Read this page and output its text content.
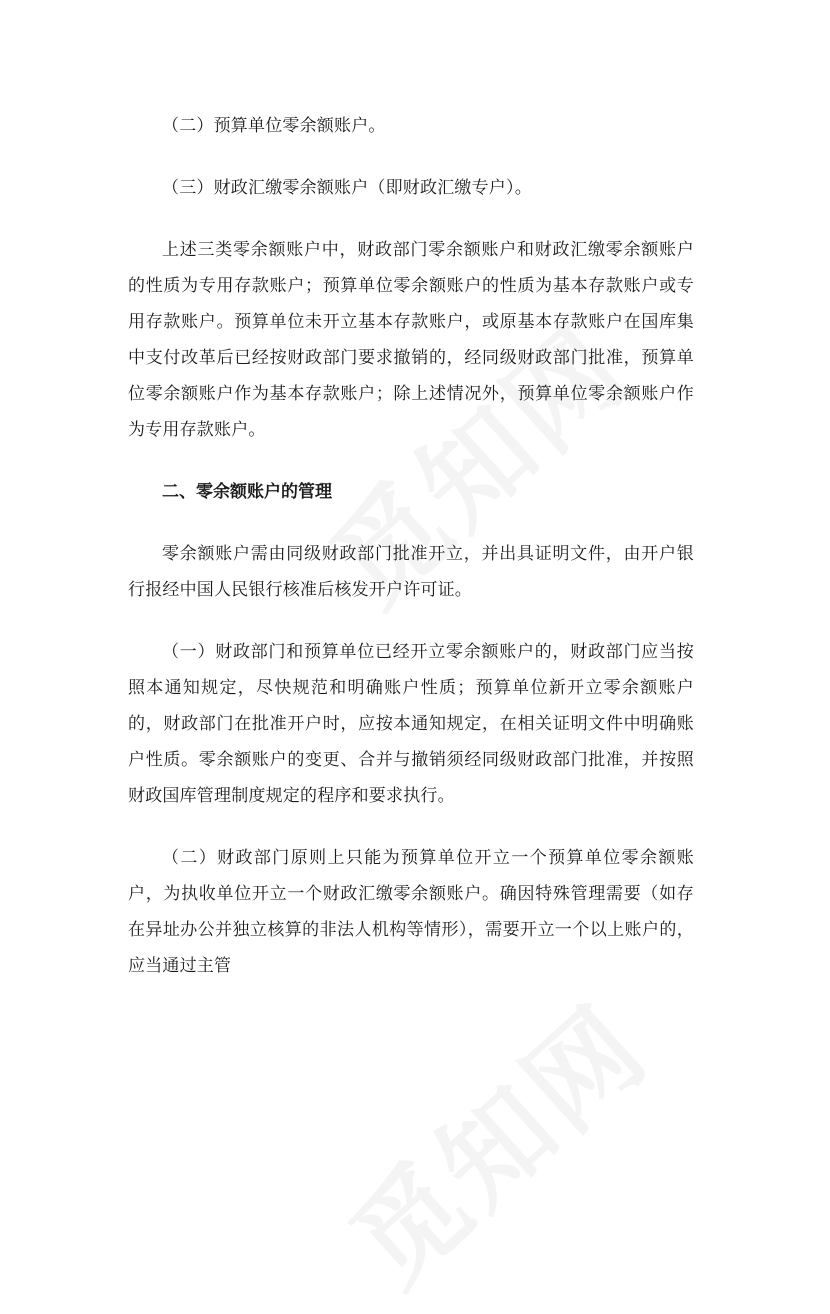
（二）预算单位零余额账户。

（三）财政汇缴零余额账户（即财政汇缴专户）。

上述三类零余额账户中，财政部门零余额账户和财政汇缴零余额账户的性质为专用存款账户；预算单位零余额账户的性质为基本存款账户或专用存款账户。预算单位未开立基本存款账户，或原基本存款账户在国库集中支付改革后已经按财政部门要求撤销的，经同级财政部门批准，预算单位零余额账户作为基本存款账户；除上述情况外，预算单位零余额账户作为专用存款账户。

二、零余额账户的管理

零余额账户需由同级财政部门批准开立，并出具证明文件，由开户银行报经中国人民银行核准后核发开户许可证。

（一）财政部门和预算单位已经开立零余额账户的，财政部门应当按照本通知规定，尽快规范和明确账户性质；预算单位新开立零余额账户的，财政部门在批准开户时，应按本通知规定，在相关证明文件中明确账户性质。零余额账户的变更、合并与撤销须经同级财政部门批准，并按照财政国库管理制度规定的程序和要求执行。

（二）财政部门原则上只能为预算单位开立一个预算单位零余额账户，为执收单位开立一个财政汇缴零余额账户。确因特殊管理需要（如存在异址办公并独立核算的非法人机构等情形），需要开立一个以上账户的，应当通过主管
